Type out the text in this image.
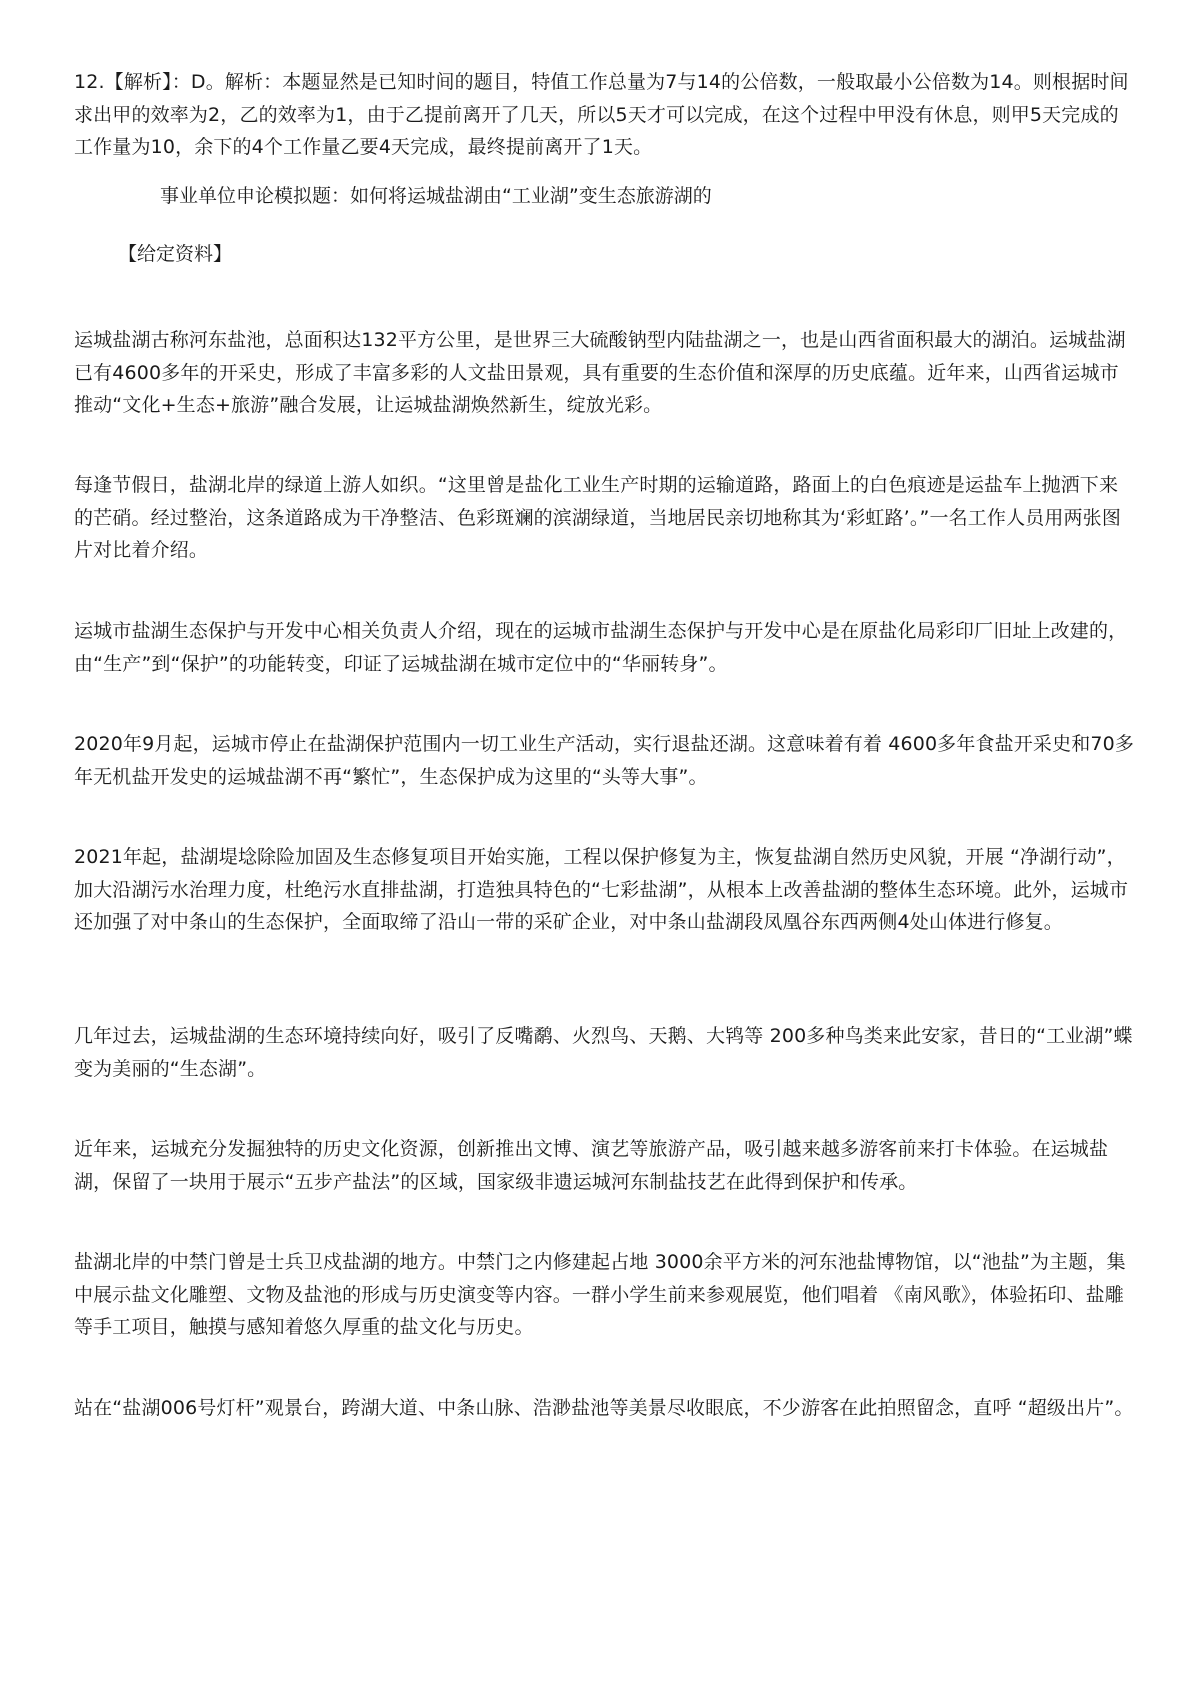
12.【解析】：D。解析：本题显然是已知时间的题目，特值工作总量为7与14的公倍数，一般取最小公倍数为14。则根据时间求出甲的效率为2，乙的效率为1，由于乙提前离开了几天，所以5天才可以完成，在这个过程中甲没有休息，则甲5天完成的工作量为10，余下的4个工作量乙要4天完成，最终提前离开了1天。

事业单位申论模拟题：如何将运城盐湖由“工业湖”变生态旅游湖的

【给定资料】

运城盐湖古称河东盐池，总面积达132平方公里，是世界三大硫酸钠型内陆盐湖之一，也是山西省面积最大的湖泊。运城盐湖已有4600多年的开采史，形成了丰富多彩的人文盐田景观，具有重要的生态价值和深厚的历史底蕴。近年来，山西省运城市推动“文化+生态+旅游”融合发展，让运城盐湖焕然新生，绽放光彩。

每逢节假日，盐湖北岸的绿道上游人如织。“这里曾是盐化工业生产时期的运输道路，路面上的白色痕迹是运盐车上抛洒下来的芒硝。经过整治，这条道路成为干净整洁、色彩斑斓的滨湖绿道，当地居民亲切地称其为‘彩虹路’。”一名工作人员用两张图片对比着介绍。

运城市盐湖生态保护与开发中心相关负责人介绍，现在的运城市盐湖生态保护与开发中心是在原盐化局彩印厂旧址上改建的，由“生产”到“保护”的功能转变，印证了运城盐湖在城市定位中的“华丽转身”。

2020年9月起，运城市停止在盐湖保护范围内一切工业生产活动，实行退盐还湖。这意味着有着 4600多年食盐开采史和70多年无机盐开发史的运城盐湖不再“繁忙”，生态保护成为这里的“头等大事”。

2021年起，盐湖堤埝除险加固及生态修复项目开始实施，工程以保护修复为主，恢复盐湖自然历史风貌，开展 “净湖行动”，加大沿湖污水治理力度，杜绝污水直排盐湖，打造独具特色的“七彩盐湖”，从根本上改善盐湖的整体生态环境。此外，运城市还加强了对中条山的生态保护，全面取缔了沿山一带的采矿企业，对中条山盐湖段凤凰谷东西两侧4处山体进行修复。

几年过去，运城盐湖的生态环境持续向好，吸引了反嘴鹬、火烈鸟、天鹅、大鸨等 200多种鸟类来此安家，昔日的“工业湖”蝶变为美丽的“生态湖”。

近年来，运城充分发掘独特的历史文化资源，创新推出文博、演艺等旅游产品，吸引越来越多游客前来打卡体验。在运城盐湖，保留了一块用于展示“五步产盐法”的区域，国家级非遗运城河东制盐技艺在此得到保护和传承。

盐湖北岸的中禁门曾是士兵卫戍盐湖的地方。中禁门之内修建起占地 3000余平方米的河东池盐博物馆，以“池盐”为主题，集中展示盐文化雕塑、文物及盐池的形成与历史演变等内容。一群小学生前来参观展览，他们唱着 《南风歌》，体验拓印、盐雕等手工项目，触摸与感知着悠久厚重的盐文化与历史。

站在“盐湖006号灯杆”观景台，跨湖大道、中条山脉、浩渺盐池等美景尽收眼底，不少游客在此拍照留念，直呼 “超级出片”。
